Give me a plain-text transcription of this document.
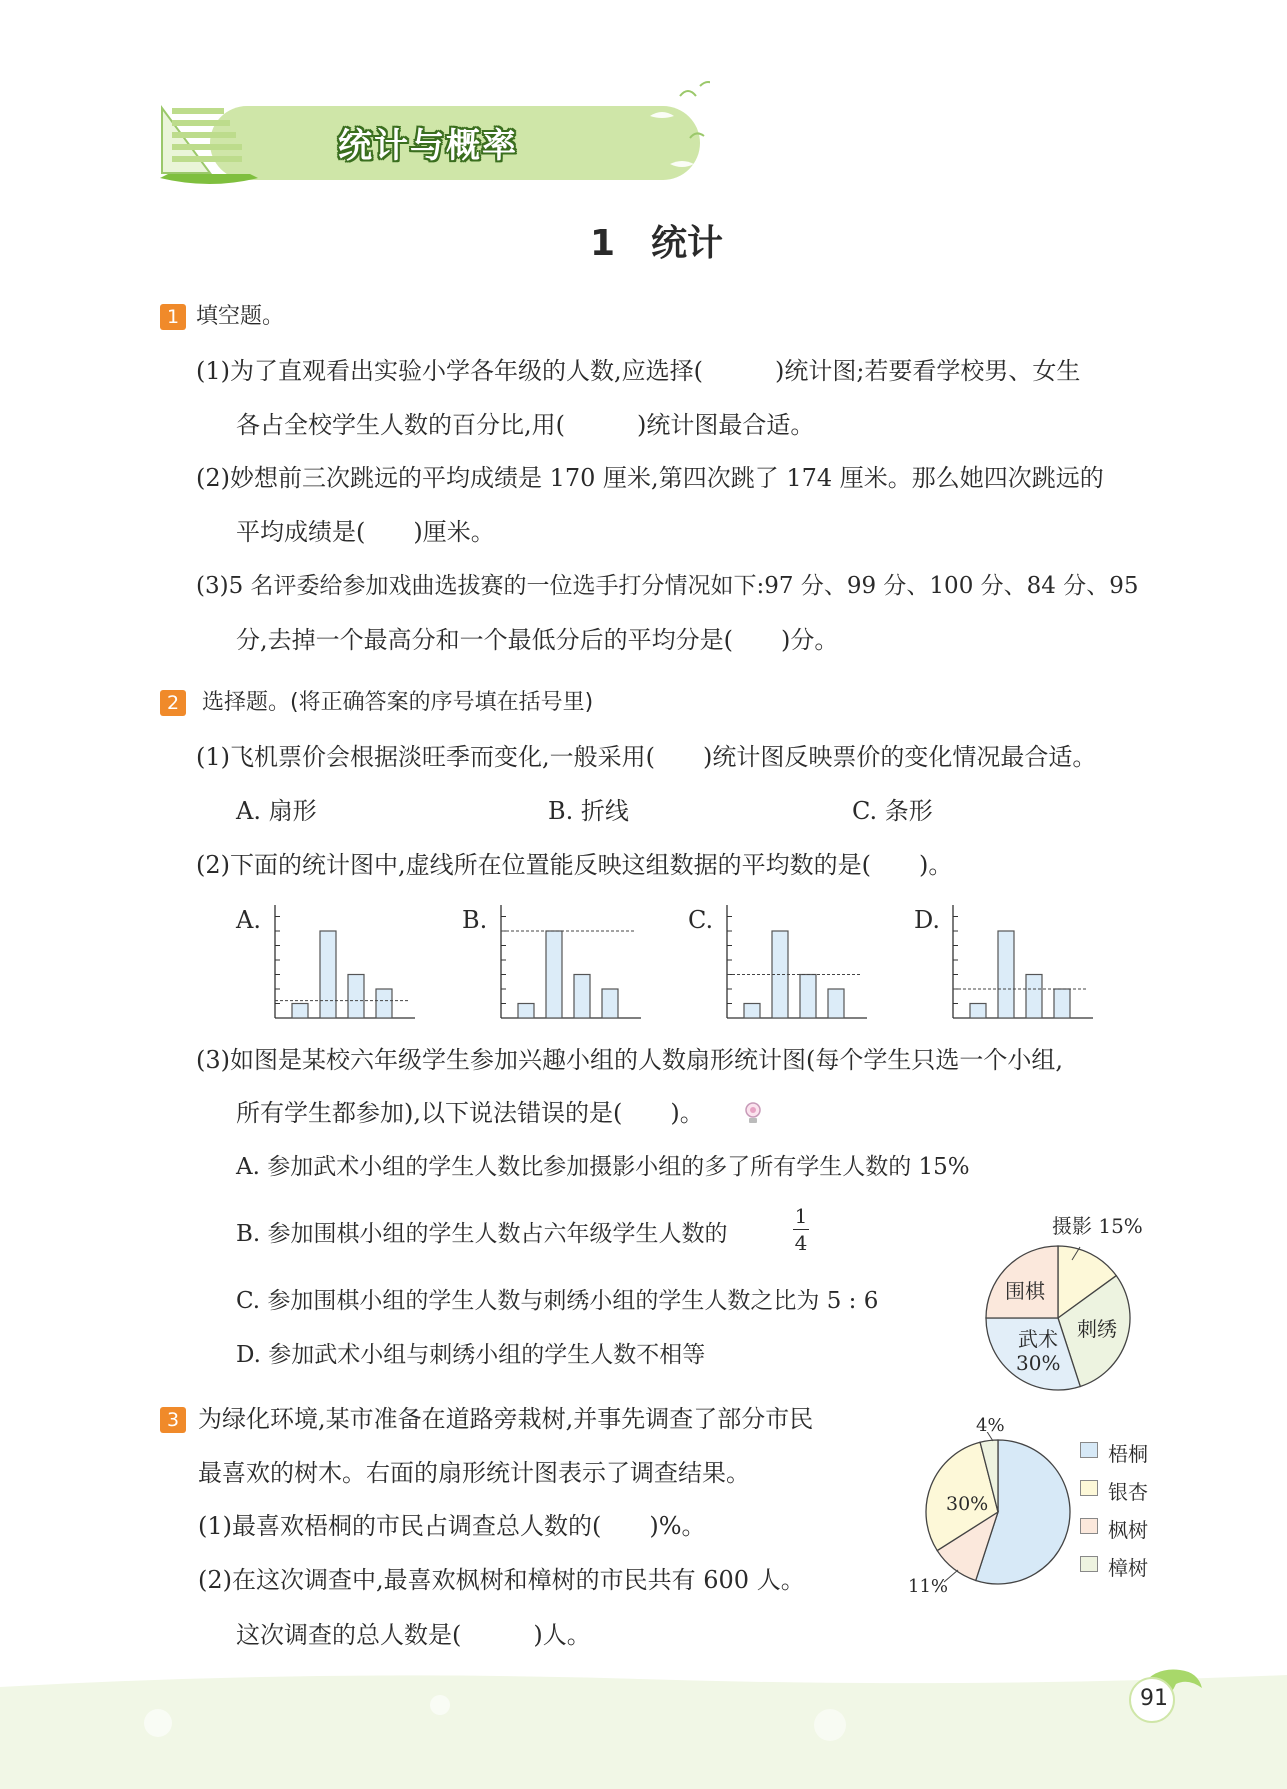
统计与概率
1　统计
1 填空题。
(1)为了直观看出实验小学各年级的人数,应选择(　　　)统计图;若要看学校男、女生
各占全校学生人数的百分比,用(　　　)统计图最合适。
(2)妙想前三次跳远的平均成绩是 170 厘米,第四次跳了 174 厘米。那么她四次跳远的
平均成绩是(　　)厘米。
(3)5 名评委给参加戏曲选拔赛的一位选手打分情况如下:97 分、99 分、100 分、84 分、95
分,去掉一个最高分和一个最低分后的平均分是(　　)分。
2	选择题。(将正确答案的序号填在括号里)
(1)飞机票价会根据淡旺季而变化,一般采用(　　)统计图反映票价的变化情况最合适。
A. 扇形	B. 折线	C. 条形
(2)下面的统计图中,虚线所在位置能反映这组数据的平均数的是(　　)。
A.	B.	C.	D.
(3)如图是某校六年级学生参加兴趣小组的人数扇形统计图(每个学生只选一个小组,
所有学生都参加),以下说法错误的是(　　)。
A. 参加武术小组的学生人数比参加摄影小组的多了所有学生人数的 15%
B. 参加围棋小组的学生人数占六年级学生人数的
1
4
C. 参加围棋小组的学生人数与刺绣小组的学生人数之比为 5 : 6
D. 参加武术小组与刺绣小组的学生人数不相等
摄影 15%
围棋
刺绣
武术
30%
3 为绿化环境,某市准备在道路旁栽树,并事先调查了部分市民
最喜欢的树木。右面的扇形统计图表示了调查结果。
(1)最喜欢梧桐的市民占调查总人数的(　　)%。
(2)在这次调查中,最喜欢枫树和樟树的市民共有 600 人。
这次调查的总人数是(　　　)人。
4%
30%
11%
梧桐
银杏
枫树
樟树
91
